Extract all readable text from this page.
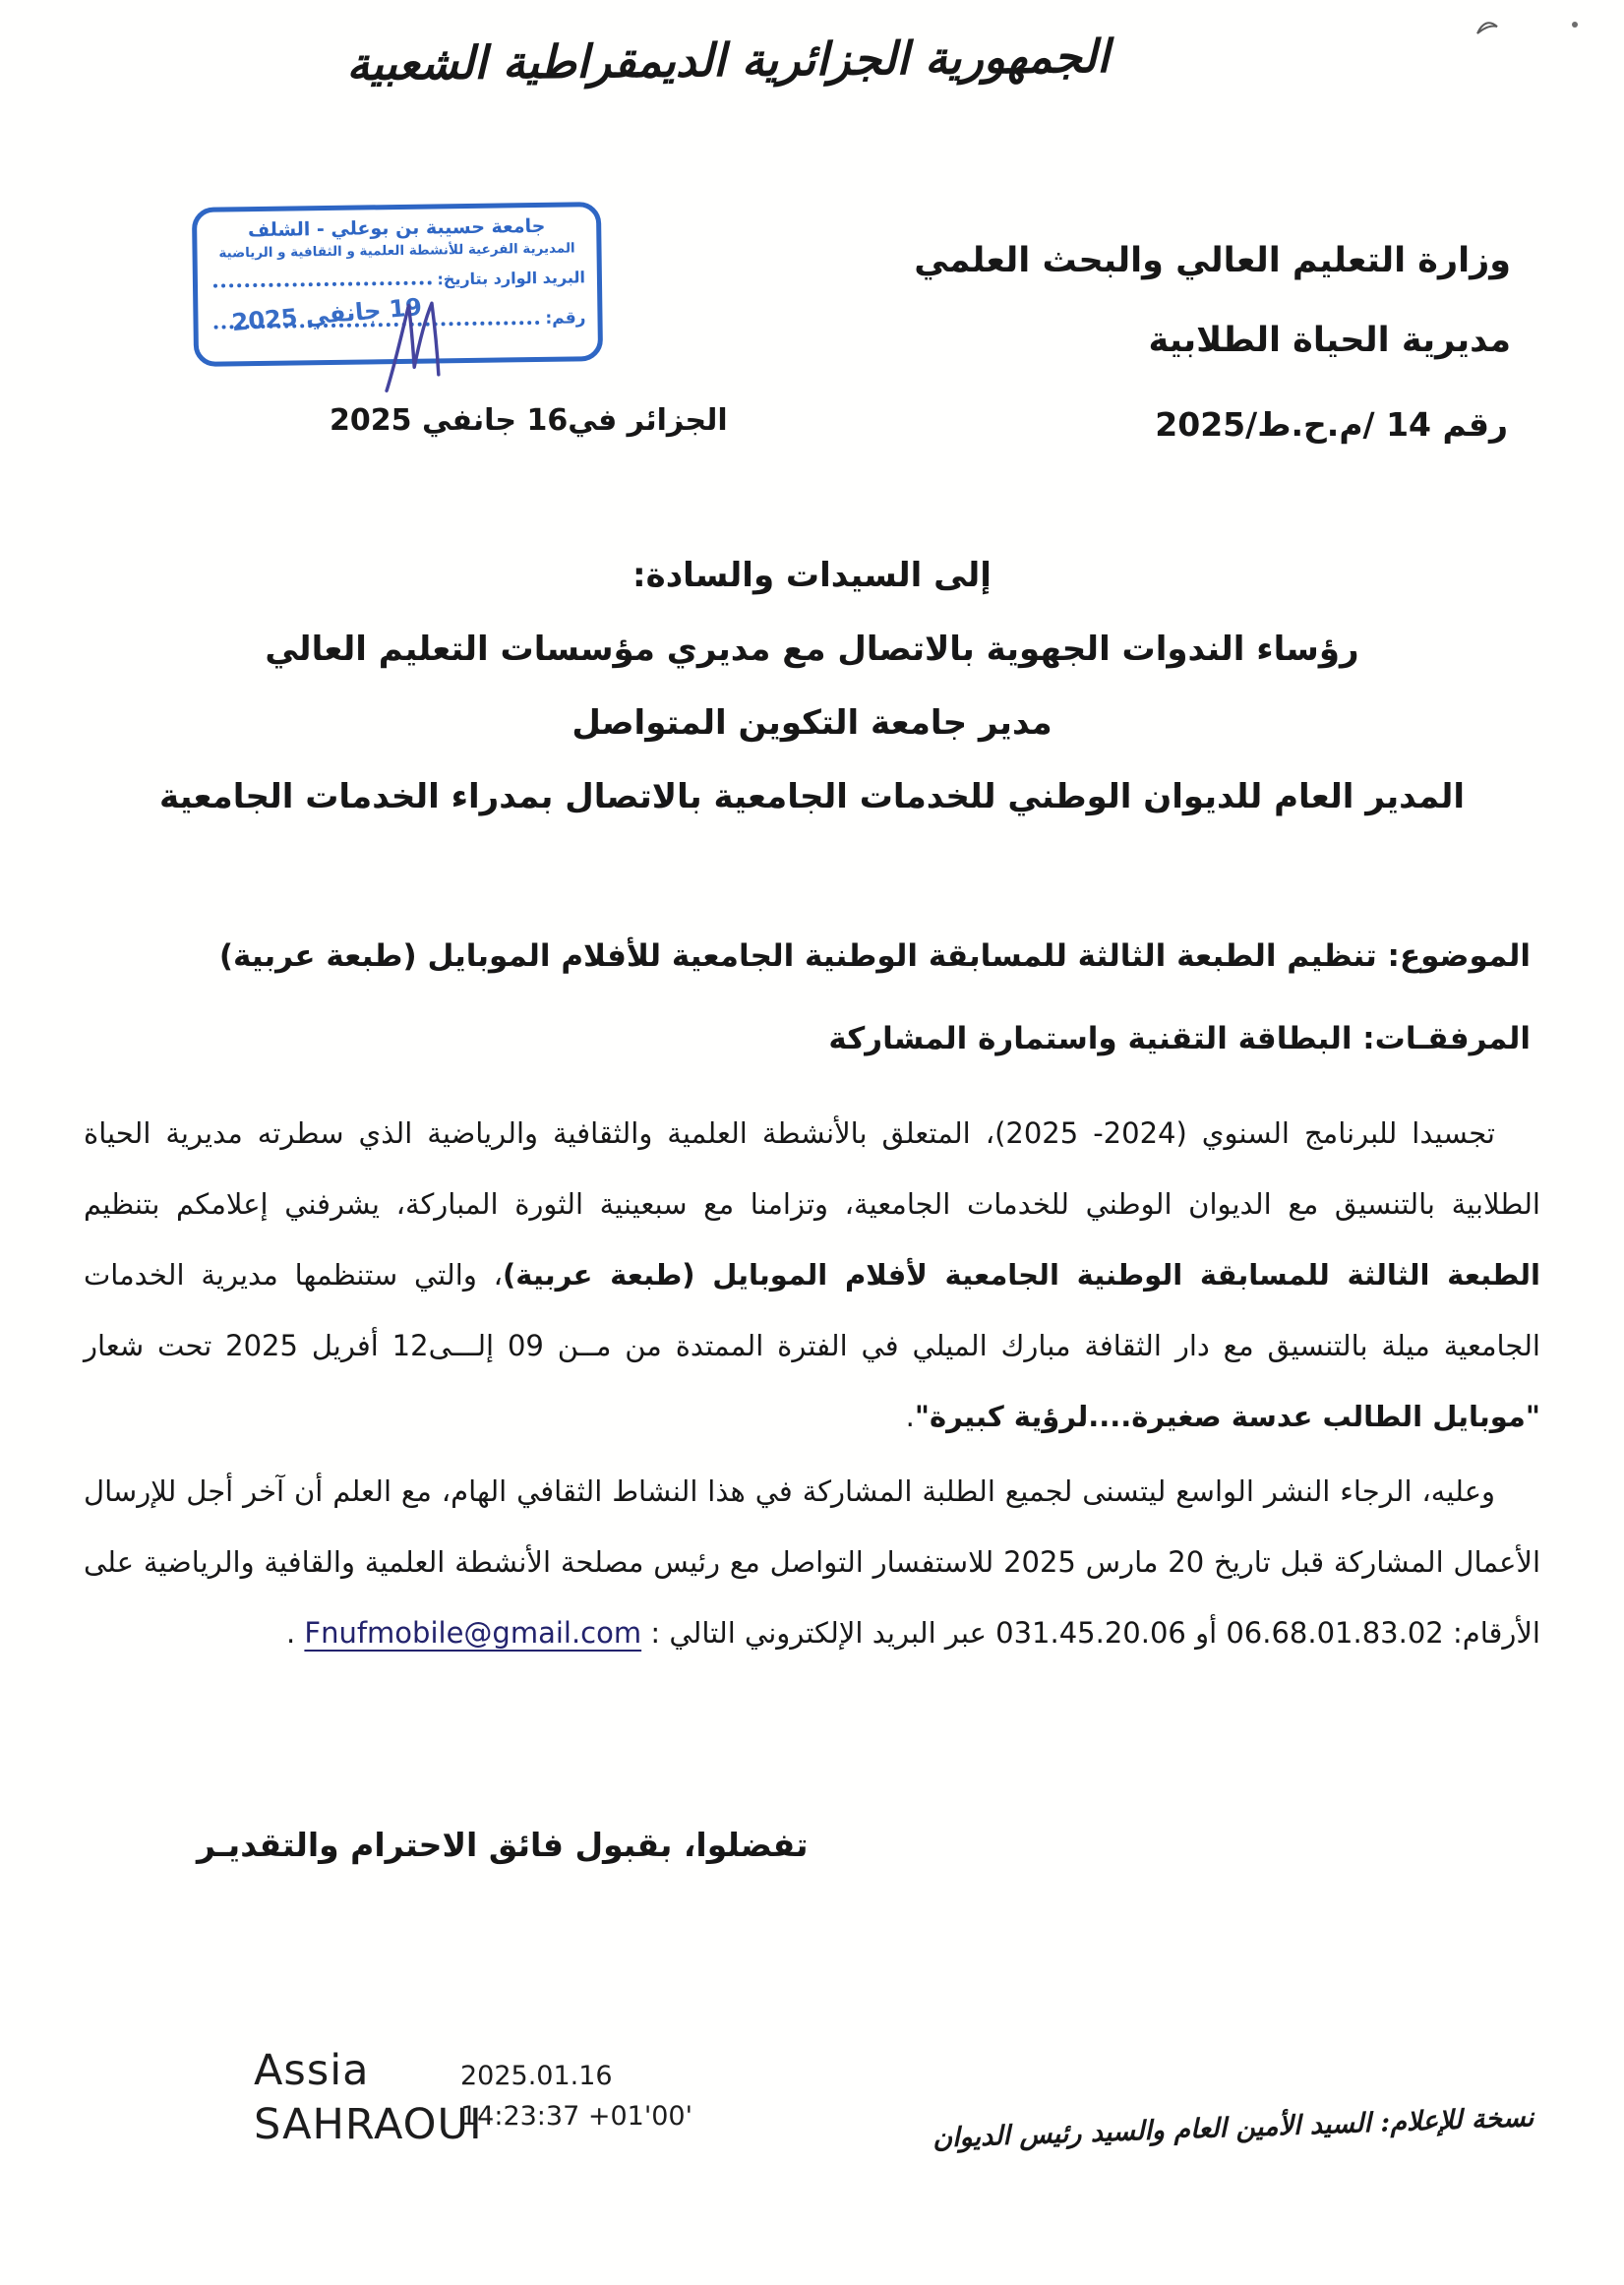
الجمهورية الجزائرية الديمقراطية الشعبية
جامعة حسيبة بن بوعلي - الشلف
المديرية الفرعية للأنشطة العلمية و الثقافية و الرياضية
البريد الوارد بتاريخ:
رقم:
19 جانفي 2025
وزارة التعليم العالي والبحث العلمي
مديرية الحياة الطلابية
رقم 14 /م.ح.ط/2025
الجزائر في16 جانفي 2025
إلى السيدات والسادة:
رؤساء الندوات الجهوية بالاتصال مع مديري مؤسسات التعليم العالي
مدير جامعة التكوين المتواصل
المدير العام للديوان الوطني للخدمات الجامعية بالاتصال بمدراء الخدمات الجامعية
الموضوع: تنظيم الطبعة الثالثة للمسابقة الوطنية الجامعية للأفلام الموبايل (طبعة عربية)
المرفقـات: البطاقة التقنية واستمارة المشاركة

تجسيدا للبرنامج السنوي (2024- 2025)، المتعلق بالأنشطة العلمية والثقافية والرياضية الذي سطرته مديرية الحياة الطلابية بالتنسيق مع الديوان الوطني للخدمات الجامعية، وتزامنا مع سبعينية الثورة المباركة، يشرفني إعلامكم بتنظيم الطبعة الثالثة للمسابقة الوطنية الجامعية لأفلام الموبايل (طبعة عربية)، والتي ستنظمها مديرية الخدمات الجامعية ميلة بالتنسيق مع دار الثقافة مبارك الميلي في الفترة الممتدة من مــن 09 إلـــى12 أفريل 2025 تحت شعار "موبايل الطالب عدسة صغيرة....لرؤية كبيرة".

وعليه، الرجاء النشر الواسع ليتسنى لجميع الطلبة المشاركة في هذا النشاط الثقافي الهام، مع العلم أن آخر أجل للإرسال الأعمال المشاركة قبل تاريخ 20 مارس 2025 للاستفسار التواصل مع رئيس مصلحة الأنشطة العلمية والقافية والرياضية على الأرقام: 06.68.01.83.02 أو 031.45.20.06 عبر البريد الإلكتروني التالي : Fnufmobile@gmail.com .

تفضلوا، بقبول فائق الاحترام والتقديـر
Assia
SAHRAOUI
2025.01.16
14:23:37 +01'00'	نسخة للإعلام: السيد الأمين العام والسيد رئيس الديوان
